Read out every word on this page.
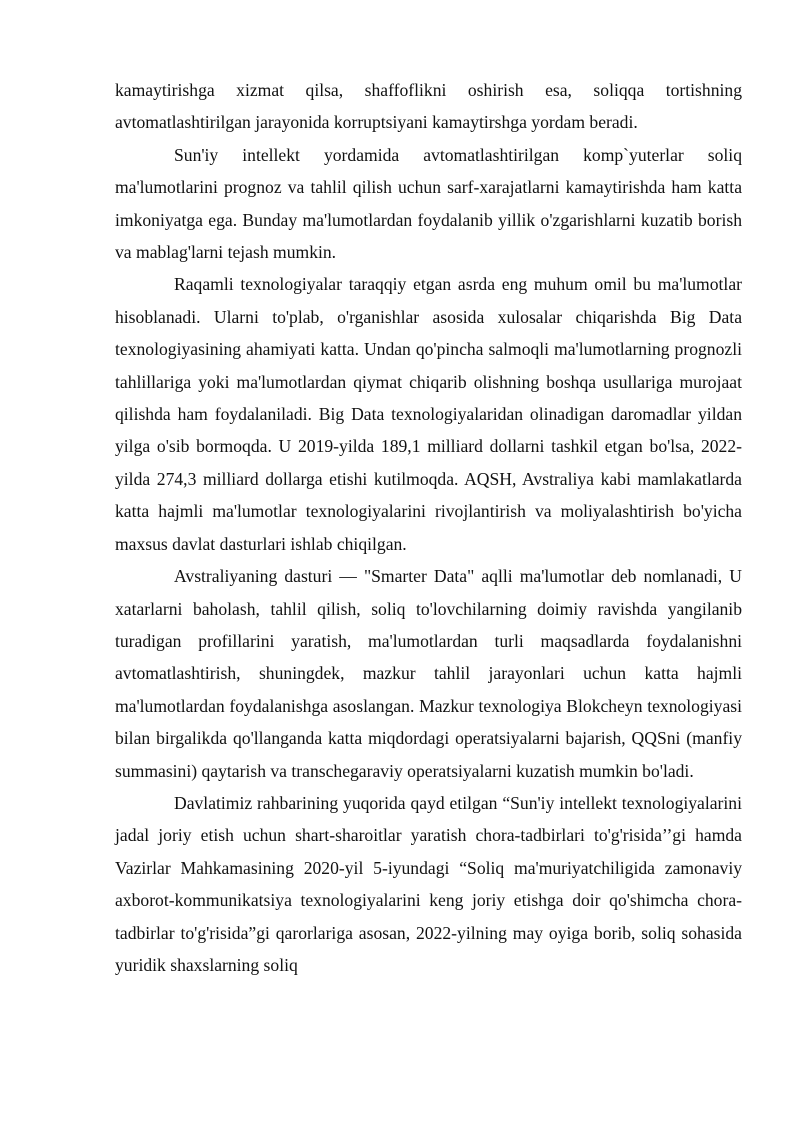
kamaytirishga xizmat qilsa, shaffoflikni oshirish esa, soliqqa tortishning avtomatlashtirilgan jarayonida korruptsiyani kamaytirshga yordam beradi.

Sun'iy intellekt yordamida avtomatlashtirilgan komp`yuterlar soliq ma'lumotlarini prognoz va tahlil qilish uchun sarf-xarajatlarni kamaytirishda ham katta imkoniyatga ega. Bunday ma'lumotlardan foydalanib yillik o'zgarishlarni kuzatib borish va mablag'larni tejash mumkin.

Raqamli texnologiyalar taraqqiy etgan asrda eng muhum omil bu ma'lumotlar hisoblanadi. Ularni to'plab, o'rganishlar asosida xulosalar chiqarishda Big Data texnologiyasining ahamiyati katta. Undan qo'pincha salmoqli ma'lumotlarning prognozli tahlillariga yoki ma'lumotlardan qiymat chiqarib olishning boshqa usullariga murojaat qilishda ham foydalaniladi. Big Data texnologiyalaridan olinadigan daromadlar yildan yilga o'sib bormoqda. U 2019-yilda 189,1 milliard dollarni tashkil etgan bo'lsa, 2022-yilda 274,3 milliard dollarga etishi kutilmoqda. AQSH, Avstraliya kabi mamlakatlarda katta hajmli ma'lumotlar texnologiyalarini rivojlantirish va moliyalashtirish bo'yicha maxsus davlat dasturlari ishlab chiqilgan.

Avstraliyaning dasturi — "Smarter Data" aqlli ma'lumotlar deb nomlanadi, U xatarlarni baholash, tahlil qilish, soliq to'lovchilarning doimiy ravishda yangilanib turadigan profillarini yaratish, ma'lumotlardan turli maqsadlarda foydalanishni avtomatlashtirish, shuningdek, mazkur tahlil jarayonlari uchun katta hajmli ma'lumotlardan foydalanishga asoslangan. Mazkur texnologiya Blokcheyn texnologiyasi bilan birgalikda qo'llanganda katta miqdordagi operatsiyalarni bajarish, QQSni (manfiy summasini) qaytarish va transchegaraviy operatsiyalarni kuzatish mumkin bo'ladi.

Davlatimiz rahbarining yuqorida qayd etilgan “Sun'iy intellekt texnologiyalarini jadal joriy etish uchun shart-sharoitlar yaratish chora-tadbirlari to'g'risida’’gi hamda Vazirlar Mahkamasining 2020-yil 5-iyundagi “Soliq ma'muriyatchiligida zamonaviy axborot-kommunikatsiya texnologiyalarini keng joriy etishga doir qo'shimcha chora-tadbirlar to'g'risida”gi qarorlariga asosan, 2022-yilning may oyiga borib, soliq sohasida yuridik shaxslarning soliq
